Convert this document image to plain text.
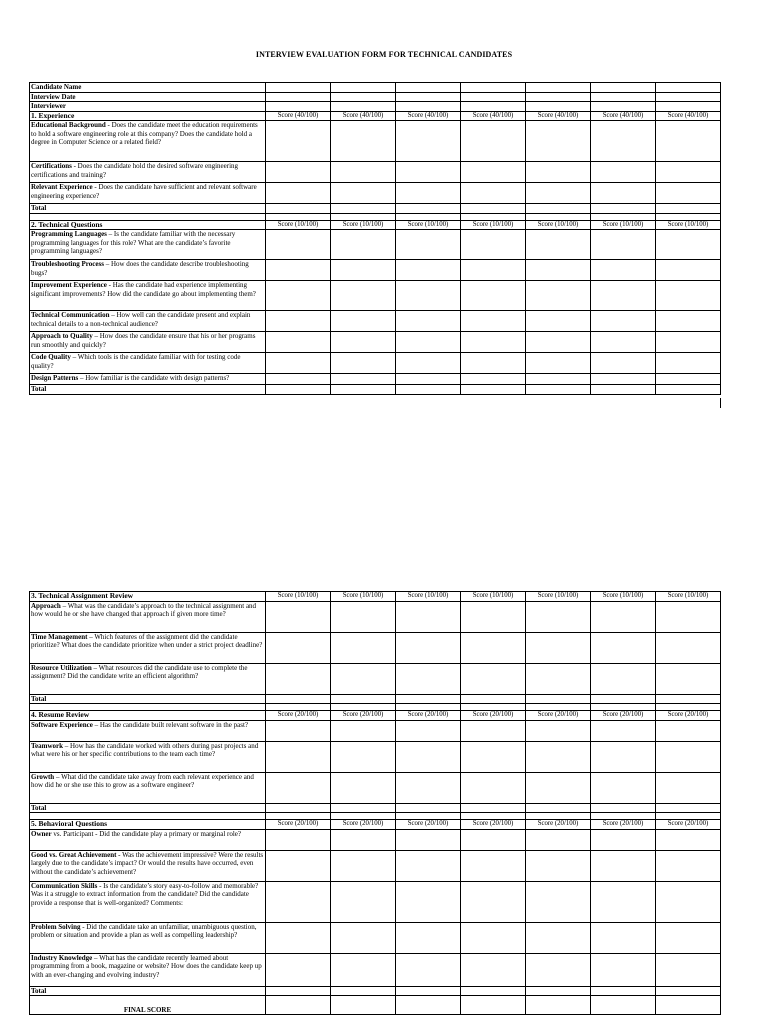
INTERVIEW EVALUATION FORM FOR TECHNICAL CANDIDATES
Candidate Name							
Interview Date							
Interviewer							
1. Experience	Score (40/100)	Score (40/100)	Score (40/100)	Score (40/100)	Score (40/100)	Score (40/100)	Score (40/100)
Educational Background - Does the candidate meet the education requirements to hold a software engineering role at this company? Does the candidate hold a degree in Computer Science or a related field?							
Certifications - Does the candidate hold the desired software engineering certifications and training?							
Relevant Experience - Does the candidate have sufficient and relevant software engineering experience?							
Total							

2. Technical Questions	Score (10/100)	Score (10/100)	Score (10/100)	Score (10/100)	Score (10/100)	Score (10/100)	Score (10/100)
Programming Languages – Is the candidate familiar with the necessary programming languages for this role? What are the candidate’s favorite programming languages?							
Troubleshooting Process – How does the candidate describe troubleshooting bugs?							
Improvement Experience - Has the candidate had experience implementing significant improvements? How did the candidate go about implementing them?							
Technical Communication – How well can the candidate present and explain technical details to a non-technical audience?							
Approach to Quality – How does the candidate ensure that his or her programs run smoothly and quickly?							
Code Quality – Which tools is the candidate familiar with for testing code quality?							
Design Patterns – How familiar is the candidate with design patterns?							
Total							
3. Technical Assignment Review	Score (10/100)	Score (10/100)	Score (10/100)	Score (10/100)	Score (10/100)	Score (10/100)	Score (10/100)
Approach – What was the candidate’s approach to the technical assignment and how would he or she have changed that approach if given more time?							
Time Management – Which features of the assignment did the candidate prioritize? What does the candidate prioritize when under a strict project deadline?							
Resource Utilization – What resources did the candidate use to complete the assignment? Did the candidate write an efficient algorithm?							
Total							

4. Resume Review	Score (20/100)	Score (20/100)	Score (20/100)	Score (20/100)	Score (20/100)	Score (20/100)	Score (20/100)
Software Experience – Has the candidate built relevant software in the past?							
Teamwork – How has the candidate worked with others during past projects and what were his or her specific contributions to the team each time?							
Growth – What did the candidate take away from each relevant experience and how did he or she use this to grow as a software engineer?							
Total							

5. Behavioral Questions	Score (20/100)	Score (20/100)	Score (20/100)	Score (20/100)	Score (20/100)	Score (20/100)	Score (20/100)
Owner vs. Participant - Did the candidate play a primary or marginal role?							
Good vs. Great Achievement - Was the achievement impressive? Were the results largely due to the candidate’s impact? Or would the results have occurred, even without the candidate’s achievement?							
Communication Skills - Is the candidate’s story easy-to-follow and memorable? Was it a struggle to extract information from the candidate? Did the candidate provide a response that is well-organized? Comments:							
Problem Solving - Did the candidate take an unfamiliar, unambiguous question, problem or situation and provide a plan as well as compelling leadership?							
Industry Knowledge – What has the candidate recently learned about programming from a book, magazine or website? How does the candidate keep up with an ever-changing and evolving industry?							
Total							
FINAL SCORE							
